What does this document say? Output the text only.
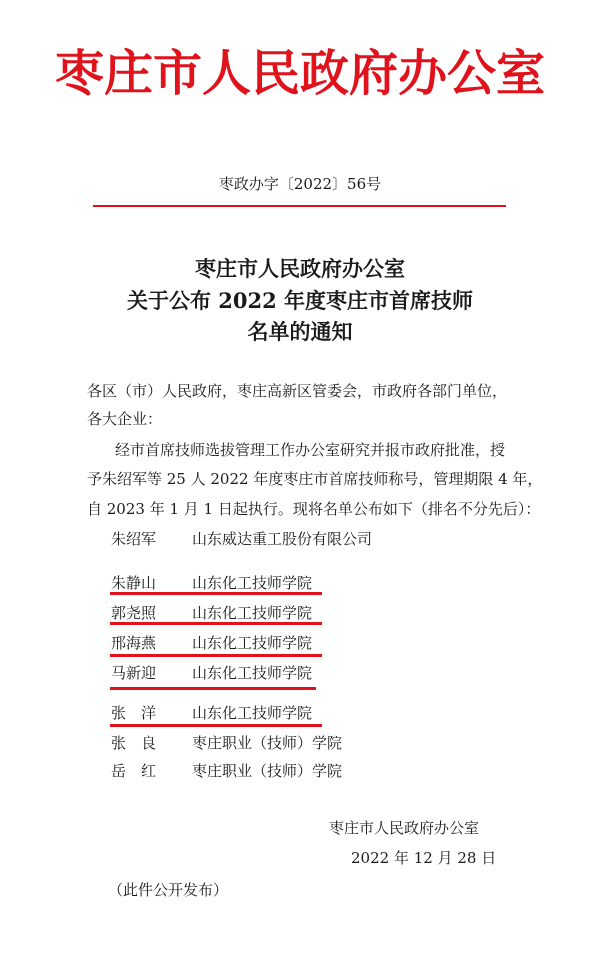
枣庄市人民政府办公室
枣政办字〔2022〕56号
枣庄市人民政府办公室
关于公布 2022 年度枣庄市首席技师
名单的通知
各区（市）人民政府，枣庄高新区管委会，市政府各部门单位，
各大企业：
经市首席技师选拔管理工作办公室研究并报市政府批准，授
予朱绍军等 25 人 2022 年度枣庄市首席技师称号，管理期限 4 年，
自 2023 年 1 月 1 日起执行。现将名单公布如下（排名不分先后）：
朱绍军 山东威达重工股份有限公司
朱静山 山东化工技师学院
郭尧照 山东化工技师学院
邢海燕 山东化工技师学院
马新迎 山东化工技师学院
张　洋 山东化工技师学院
张　良 枣庄职业（技师）学院
岳　红 枣庄职业（技师）学院
枣庄市人民政府办公室
2022 年 12 月 28 日
（此件公开发布）
